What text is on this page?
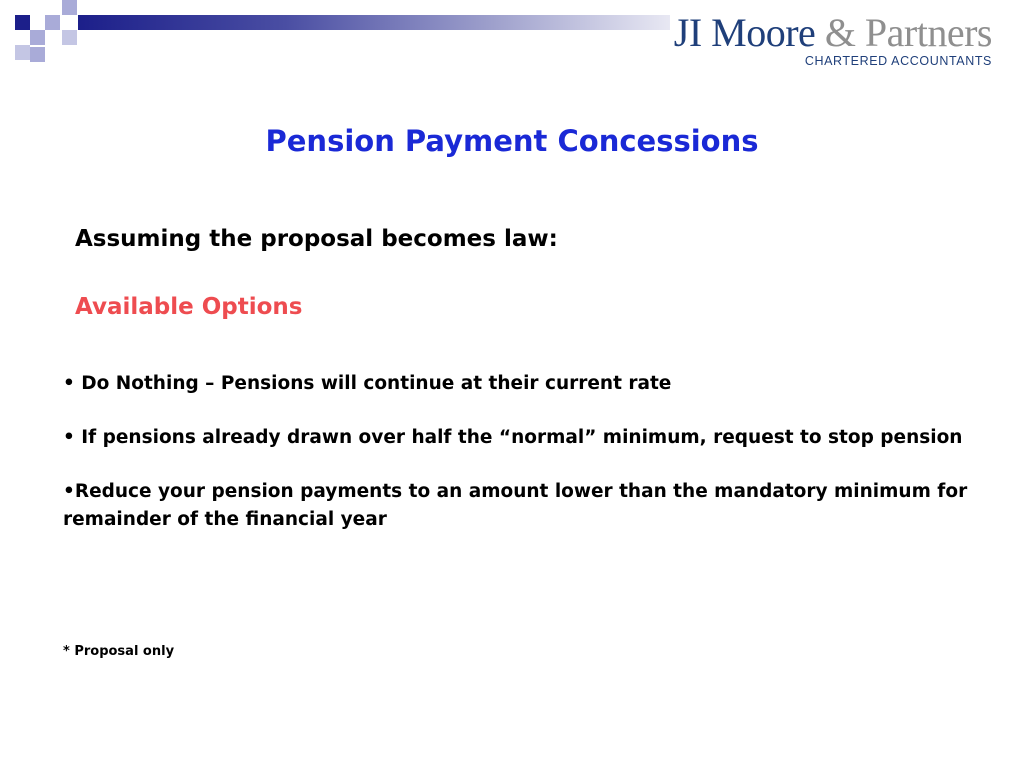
JI Moore & Partners
CHARTERED ACCOUNTANTS
Pension Payment Concessions
Assuming the proposal becomes law:
Available Options
• Do Nothing – Pensions will continue at their current rate
• If pensions already drawn over half the “normal” minimum, request to stop pension
•Reduce your pension payments to an amount lower than the mandatory minimum for remainder of the financial year
* Proposal only
